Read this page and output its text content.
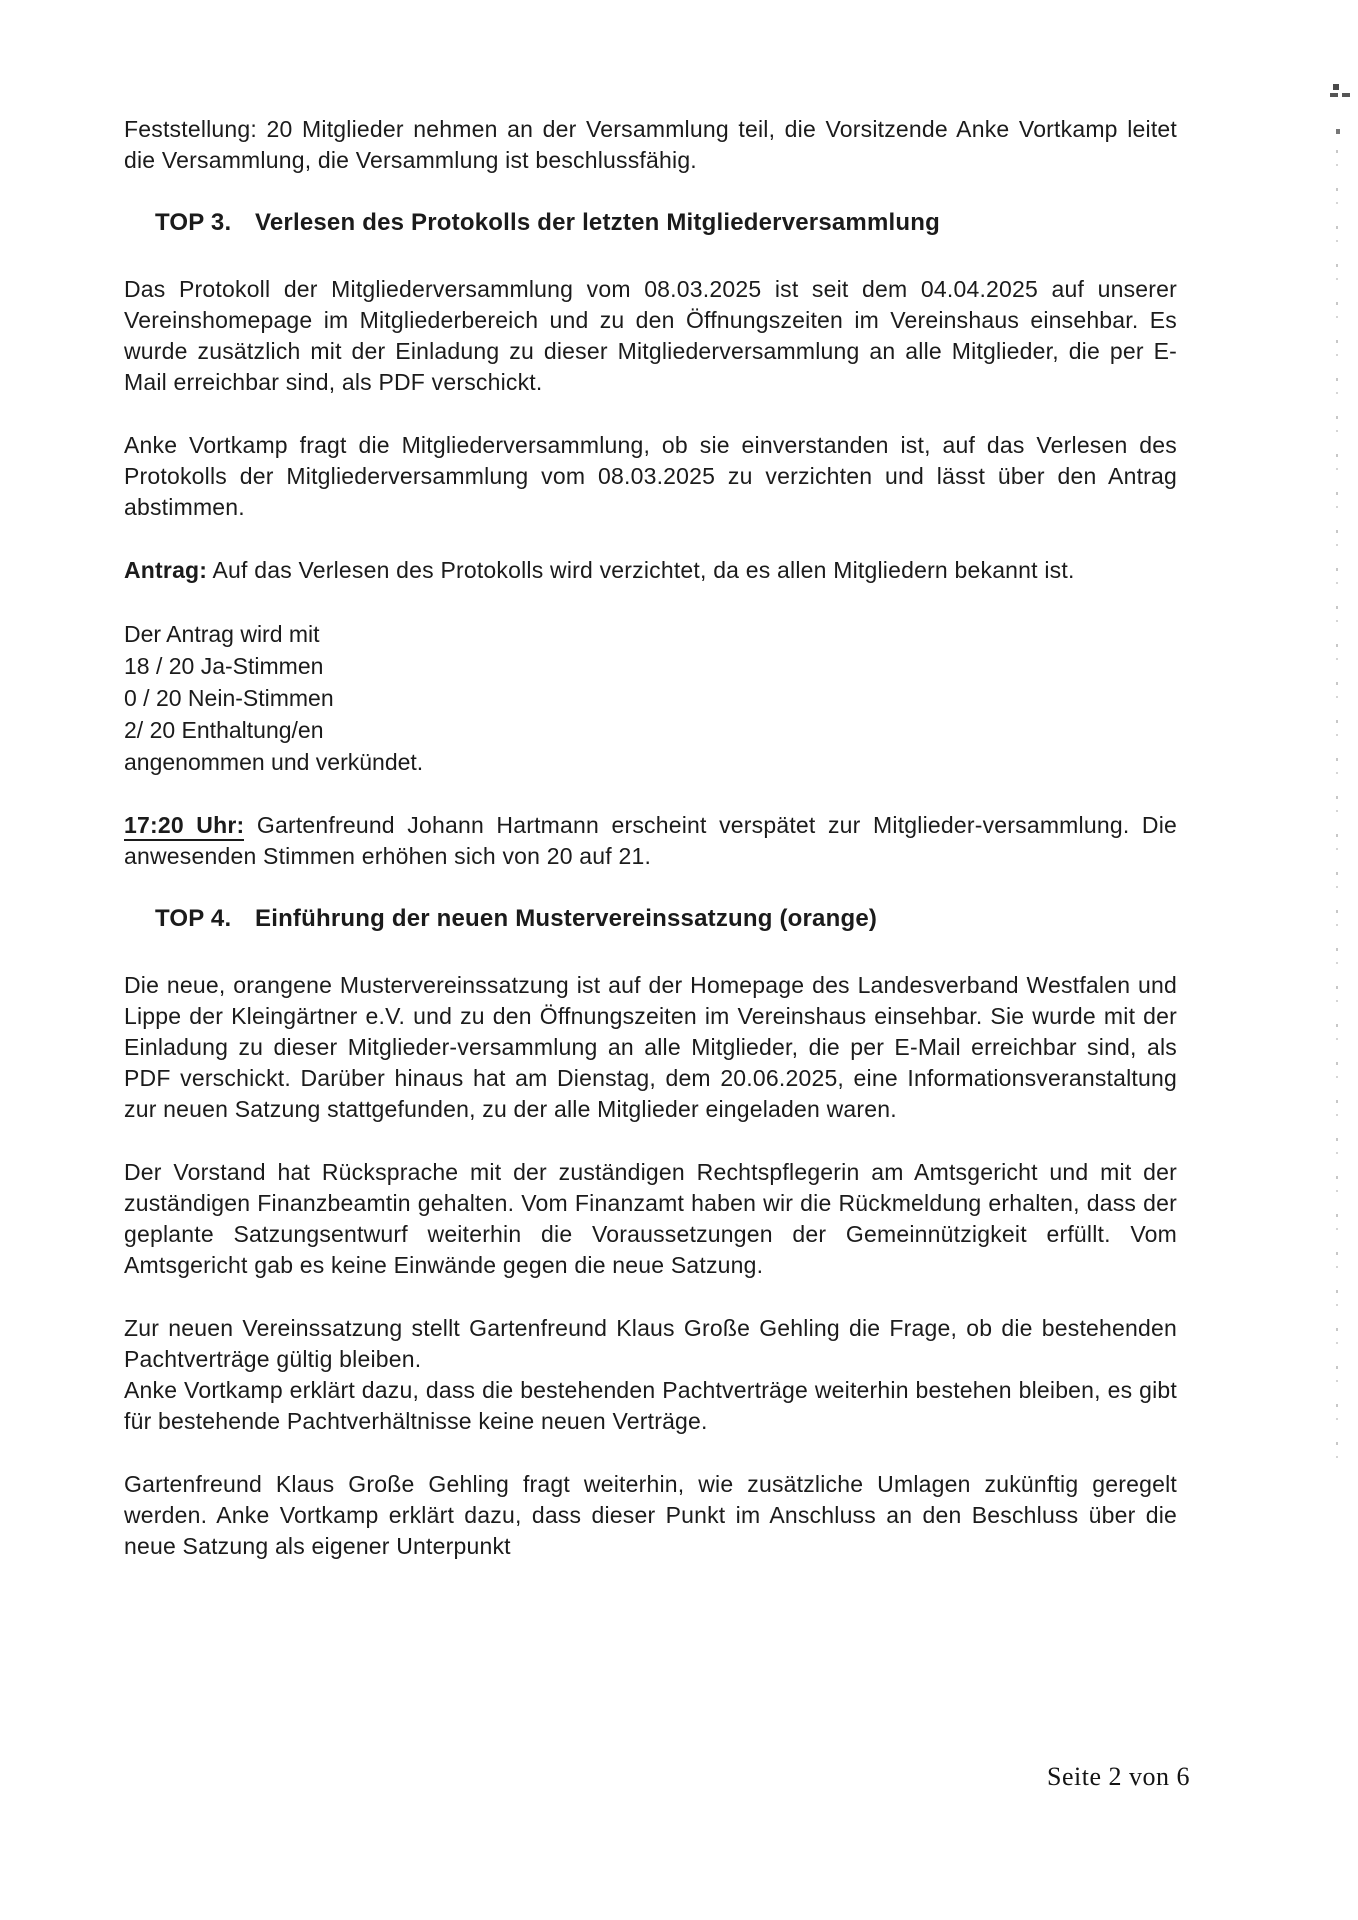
Feststellung: 20 Mitglieder nehmen an der Versammlung teil, die Vorsitzende Anke Vortkamp leitet die Versammlung, die Versammlung ist beschlussfähig.

TOP 3. Verlesen des Protokolls der letzten Mitgliederversammlung

Das Protokoll der Mitgliederversammlung vom 08.03.2025 ist seit dem 04.04.2025 auf unserer Vereinshomepage im Mitgliederbereich und zu den Öffnungszeiten im Vereinshaus einsehbar. Es wurde zusätzlich mit der Einladung zu dieser Mitgliederversammlung an alle Mitglieder, die per E-Mail erreichbar sind, als PDF verschickt.

Anke Vortkamp fragt die Mitgliederversammlung, ob sie einverstanden ist, auf das Verlesen des Protokolls der Mitgliederversammlung vom 08.03.2025 zu verzichten und lässt über den Antrag abstimmen.

Antrag: Auf das Verlesen des Protokolls wird verzichtet, da es allen Mitgliedern bekannt ist.

Der Antrag wird mit
18 / 20 Ja-Stimmen
0 / 20 Nein-Stimmen
2/ 20 Enthaltung/en
angenommen und verkündet.

17:20 Uhr: Gartenfreund Johann Hartmann erscheint verspätet zur Mitglieder-versammlung. Die anwesenden Stimmen erhöhen sich von 20 auf 21.

TOP 4. Einführung der neuen Mustervereinssatzung (orange)

Die neue, orangene Mustervereinssatzung ist auf der Homepage des Landesverband Westfalen und Lippe der Kleingärtner e.V. und zu den Öffnungszeiten im Vereinshaus einsehbar. Sie wurde mit der Einladung zu dieser Mitglieder-versammlung an alle Mitglieder, die per E-Mail erreichbar sind, als PDF verschickt. Darüber hinaus hat am Dienstag, dem 20.06.2025, eine Informationsveranstaltung zur neuen Satzung stattgefunden, zu der alle Mitglieder eingeladen waren.

Der Vorstand hat Rücksprache mit der zuständigen Rechtspflegerin am Amtsgericht und mit der zuständigen Finanzbeamtin gehalten. Vom Finanzamt haben wir die Rückmeldung erhalten, dass der geplante Satzungsentwurf weiterhin die Voraussetzungen der Gemeinnützigkeit erfüllt. Vom Amtsgericht gab es keine Einwände gegen die neue Satzung.

Zur neuen Vereinssatzung stellt Gartenfreund Klaus Große Gehling die Frage, ob die bestehenden Pachtverträge gültig bleiben.

Anke Vortkamp erklärt dazu, dass die bestehenden Pachtverträge weiterhin bestehen bleiben, es gibt für bestehende Pachtverhältnisse keine neuen Verträge.

Gartenfreund Klaus Große Gehling fragt weiterhin, wie zusätzliche Umlagen zukünftig geregelt werden. Anke Vortkamp erklärt dazu, dass dieser Punkt im Anschluss an den Beschluss über die neue Satzung als eigener Unterpunkt

Seite 2 von 6
